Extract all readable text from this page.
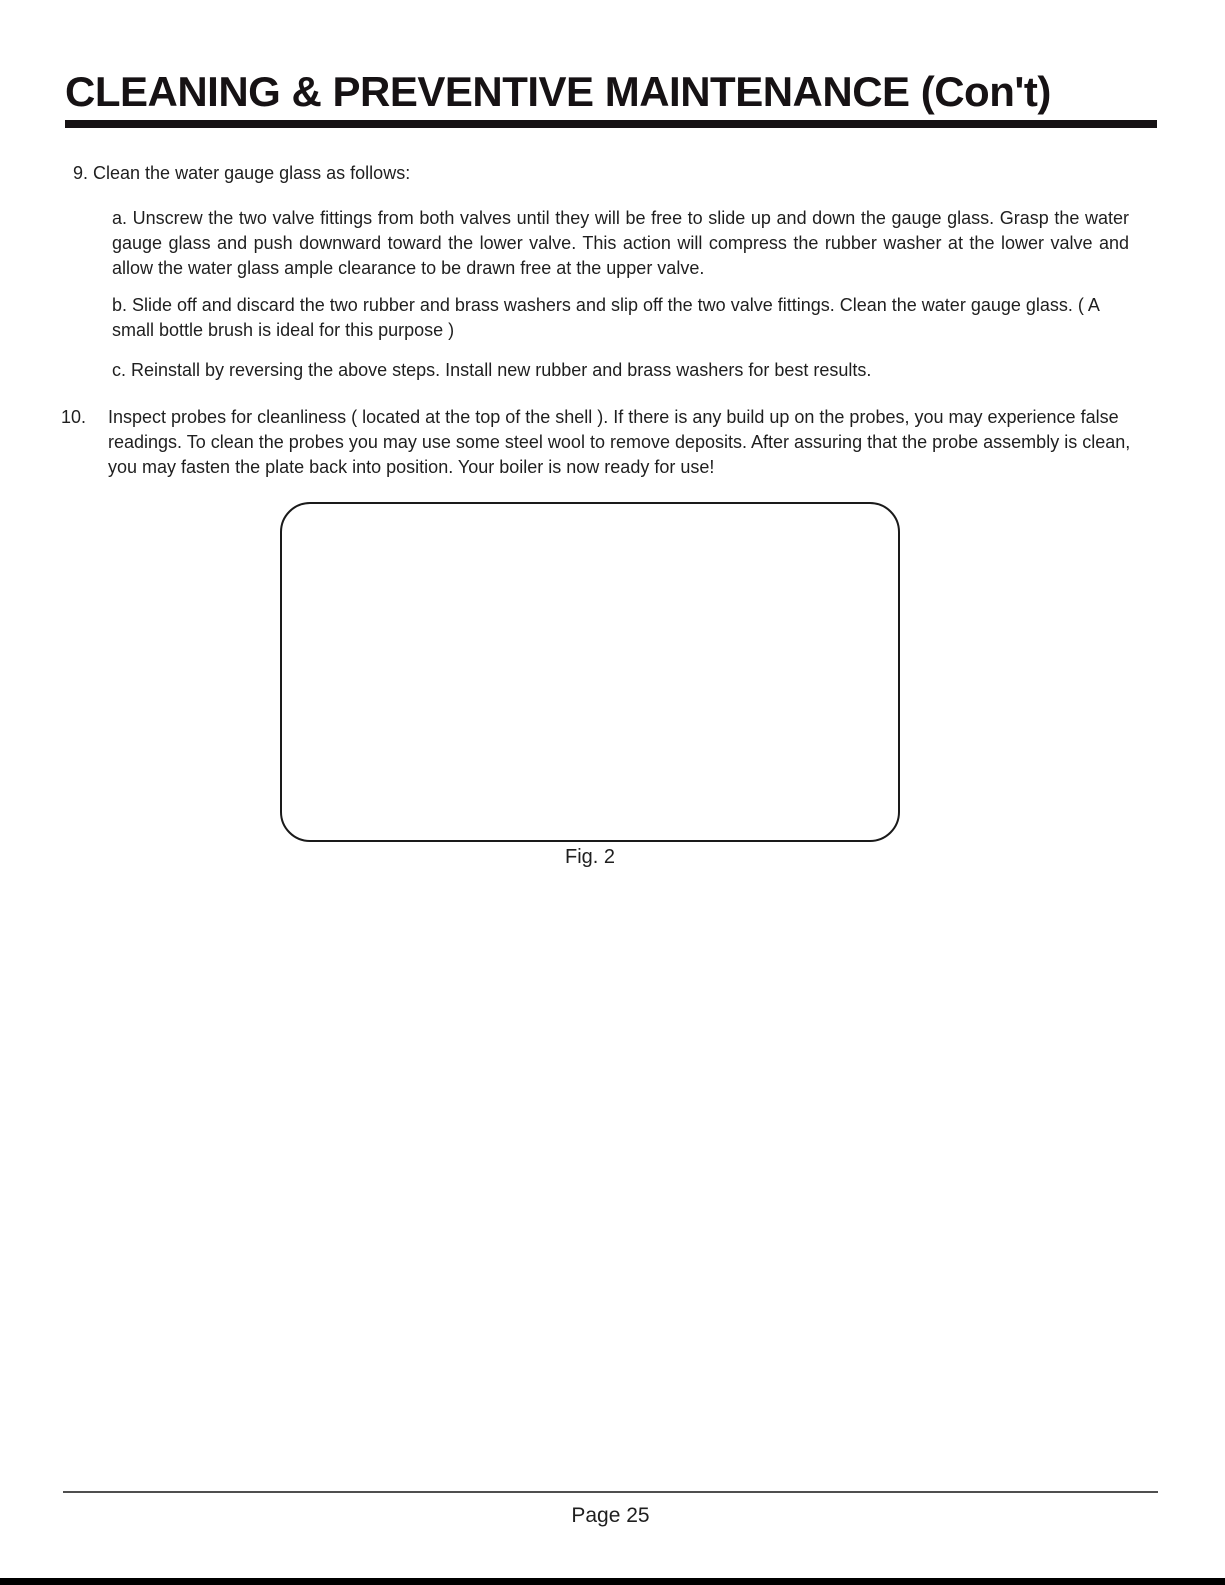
CLEANING & PREVENTIVE MAINTENANCE (Con't)

9. Clean the water gauge glass as follows:

a. Unscrew the two valve fittings from both valves until they will be free to slide up and down the gauge glass. Grasp the water gauge glass and push downward toward the lower valve. This action will compress the rubber washer at the lower valve and allow the water glass ample clearance to be drawn free at the upper valve.

b. Slide off and discard the two rubber and brass washers and slip off the two valve fittings. Clean the water gauge glass. ( A small bottle brush is ideal for this purpose )

c. Reinstall by reversing the above steps. Install new rubber and brass washers for best results.

10.	Inspect probes for cleanliness ( located at the top of the shell ). If there is any build up on the probes, you may experience false readings. To clean the probes you may use some steel wool to remove deposits. After assuring that the probe assembly is clean, you may fasten the plate back into position. Your boiler is now ready for use!
Fig. 2
Page 25
